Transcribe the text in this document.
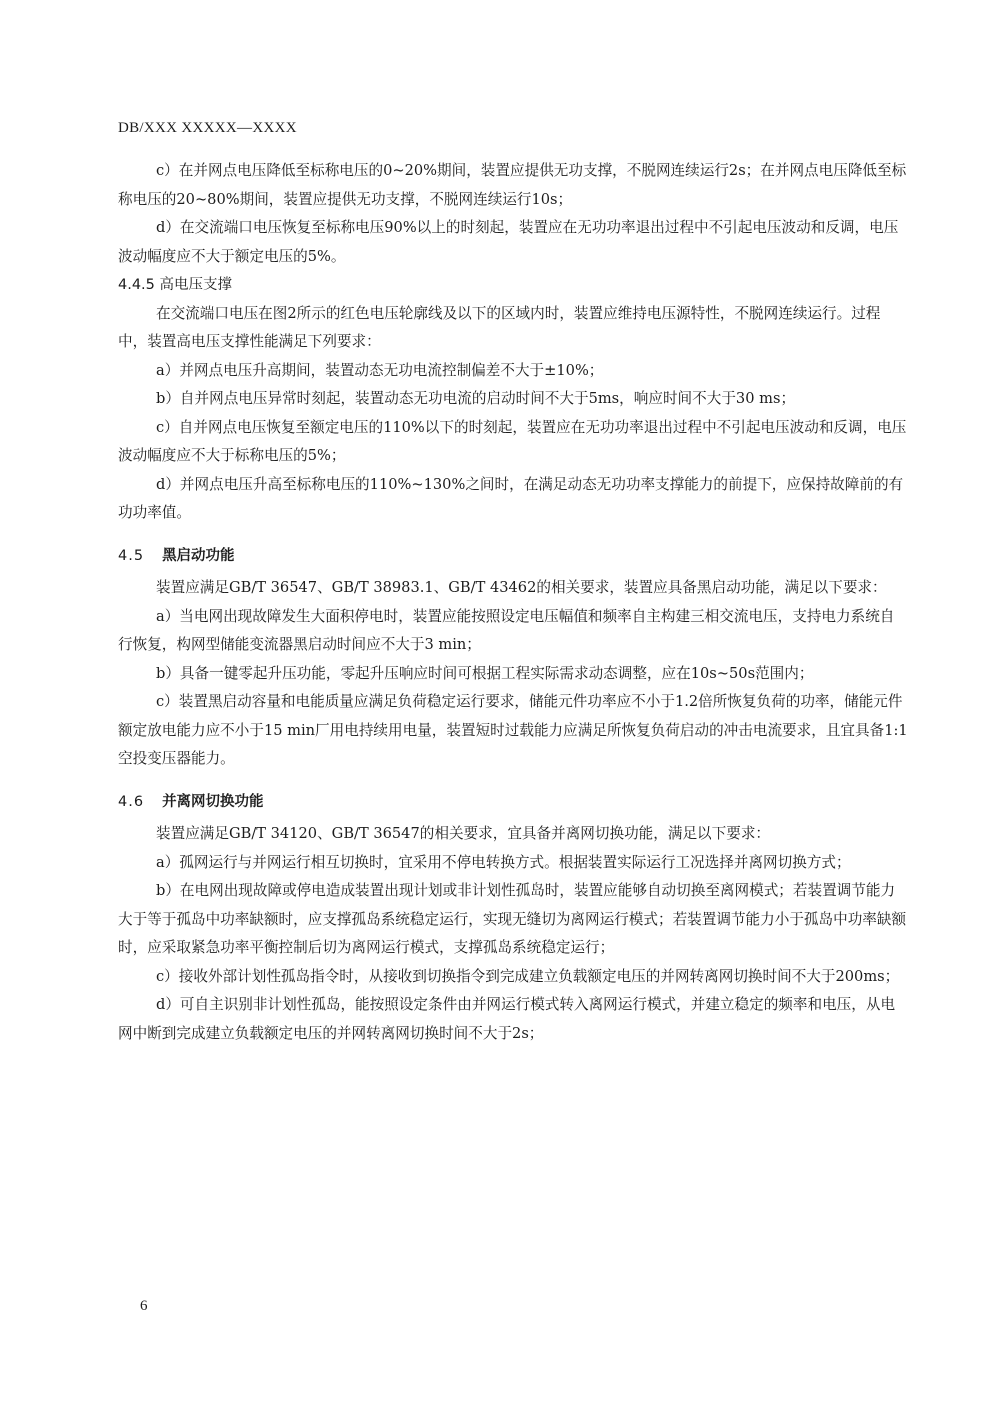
DB/XXX XXXXX—XXXX

c）在并网点电压降低至标称电压的0~20%期间，装置应提供无功支撑，不脱网连续运行2s；在并网点电压降低至标称电压的20~80%期间，装置应提供无功支撑，不脱网连续运行10s；

d）在交流端口电压恢复至标称电压90%以上的时刻起，装置应在无功功率退出过程中不引起电压波动和反调，电压波动幅度应不大于额定电压的5%。

4.4.5 高电压支撑

在交流端口电压在图2所示的红色电压轮廓线及以下的区域内时，装置应维持电压源特性，不脱网连续运行。过程中，装置高电压支撑性能满足下列要求：

a）并网点电压升高期间，装置动态无功电流控制偏差不大于±10%；

b）自并网点电压异常时刻起，装置动态无功电流的启动时间不大于5ms，响应时间不大于30 ms；

c）自并网点电压恢复至额定电压的110%以下的时刻起，装置应在无功功率退出过程中不引起电压波动和反调，电压波动幅度应不大于标称电压的5%；

d）并网点电压升高至标称电压的110%~130%之间时，在满足动态无功功率支撑能力的前提下，应保持故障前的有功功率值。

4.5 黑启动功能

装置应满足GB/T 36547、GB/T 38983.1、GB/T 43462的相关要求，装置应具备黑启动功能，满足以下要求：

a）当电网出现故障发生大面积停电时，装置应能按照设定电压幅值和频率自主构建三相交流电压，支持电力系统自行恢复，构网型储能变流器黑启动时间应不大于3 min；

b）具备一键零起升压功能，零起升压响应时间可根据工程实际需求动态调整，应在10s~50s范围内；

c）装置黑启动容量和电能质量应满足负荷稳定运行要求，储能元件功率应不小于1.2倍所恢复负荷的功率，储能元件额定放电能力应不小于15 min厂用电持续用电量，装置短时过载能力应满足所恢复负荷启动的冲击电流要求，且宜具备1:1空投变压器能力。

4.6 并离网切换功能

装置应满足GB/T 34120、GB/T 36547的相关要求，宜具备并离网切换功能，满足以下要求：

a）孤网运行与并网运行相互切换时，宜采用不停电转换方式。根据装置实际运行工况选择并离网切换方式；

b）在电网出现故障或停电造成装置出现计划或非计划性孤岛时，装置应能够自动切换至离网模式；若装置调节能力大于等于孤岛中功率缺额时，应支撑孤岛系统稳定运行，实现无缝切为离网运行模式；若装置调节能力小于孤岛中功率缺额时，应采取紧急功率平衡控制后切为离网运行模式，支撑孤岛系统稳定运行；

c）接收外部计划性孤岛指令时，从接收到切换指令到完成建立负载额定电压的并网转离网切换时间不大于200ms；

d）可自主识别非计划性孤岛，能按照设定条件由并网运行模式转入离网运行模式，并建立稳定的频率和电压，从电网中断到完成建立负载额定电压的并网转离网切换时间不大于2s；

6
